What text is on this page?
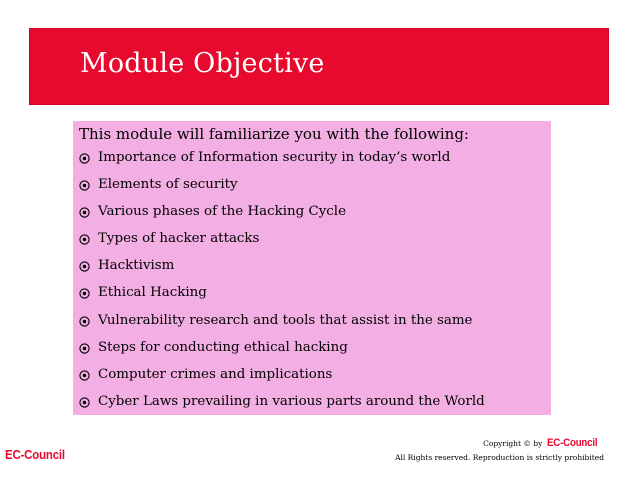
Module Objective

This module will familiarize you with the following:

Importance of Information security in today’s world
Elements of security
Various phases of the Hacking Cycle
Types of hacker attacks
Hacktivism
Ethical Hacking
Vulnerability research and tools that assist in the same
Steps for conducting ethical hacking
Computer crimes and implications
Cyber Laws prevailing in various parts around the World
EC-Council
Copyright © by EC-Council
All Rights reserved. Reproduction is strictly prohibited
